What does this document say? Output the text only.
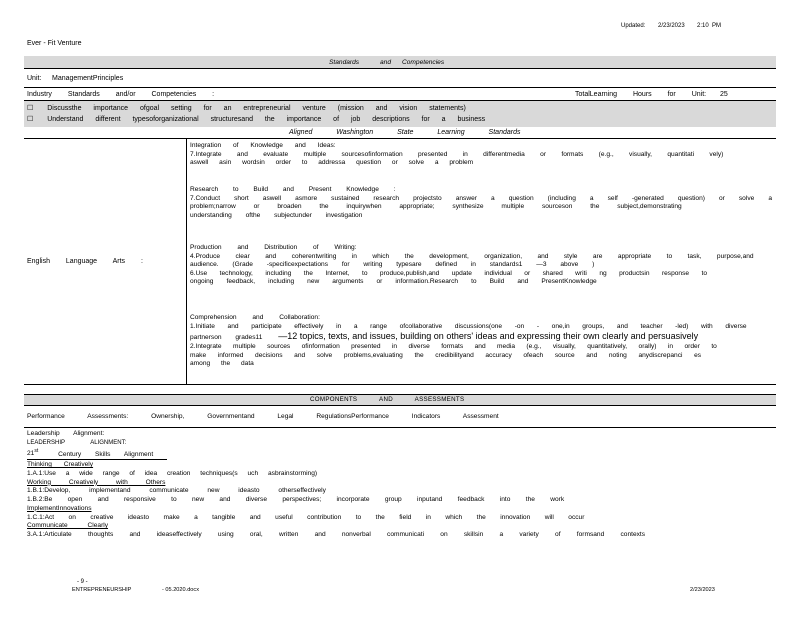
Updated: 2/23/2023 2:10 PM
Ever - Fit Venture
Standards	and Competencies
Unit: ManagementPrinciples
Industry Standards and/or Competencies :	TotalLearning Hours for Unit: 25
☐ Discussthe importance ofgoal setting for an entrepreneurial venture (mission and vision statements)
☐ Understand different typesoforganizational structuresand the importance of job descriptions for a business
Aligned Washington State Learning Standards
English Language Arts :
Integration of Knowledge and Ideas:
7.Integrate and evaluate multiple sourcesofinformation presented in differentmedia or formats (e.g., visually, quantitati vely)
aswell asin wordsin order to addressa question or solve a problem
Research to Build and Present Knowledge :
7.Conduct short aswell asmore sustained research projectsto answer a question (including a self -generated question) or solve a
problem;narrow or broaden the inquirywhen appropriate; synthesize multiple sourceson the subject,demonstrating
understanding ofthe subjectunder investigation
Production and Distribution of Writing:
4.Produce clear and coherentwriting in which the development, organization, and style are appropriate to task, purpose,and
audience. (Grade -specificexpectations for writing typesare defined in standards1 —3 above )
6.Use technology, including the Internet, to produce,publish,and update individual or shared writi ng productsin response to
ongoing feedback, including new arguments or information.Research to Build and PresentKnowledge
Comprehension and Collaboration:
1.Initiate and participate effectively in a range ofcollaborative discussions(one -on - one,in groups, and teacher -led) with diverse
partnerson grades11 —12 topics, texts, and issues, building on others' ideas and expressing their own clearly and persuasively
2.Integrate multiple sources ofinformation presented in diverse formats and media (e.g., visually, quantitatively, orally) in order to
make informed decisions and solve problems,evaluating the credibilityand accuracy ofeach source and noting anydiscrepanci es
among the data
COMPONENTS AND ASSESSMENTS
Performance Assessments: Ownership, Governmentand Legal RegulationsPerformance Indicators Assessment
Leadership Alignment:
LEADERSHIP ALIGNMENT:
21st	Century Skills Alignment
Thinking Creatively
1.A.1:Use a wide range of idea creation techniques(s uch asbrainstorming)
Working Creatively with Others
1.B.1:Develop, implementand communicate new ideasto otherseffectively
1.B.2:Be open and responsive to new and diverse perspectives; incorporate group inputand feedback into the work
ImplementInnovations
1.C.1:Act on creative ideasto make a tangible and useful contribution to the field in which the innovation will occur
Communicate Clearly
3.A.1:Articulate thoughts and ideaseffectively using oral, written and nonverbal communicati on skillsin a variety of formsand contexts
- 9 -
ENTREPRENEURSHIP	- 05.2020.docx	2/23/2023
